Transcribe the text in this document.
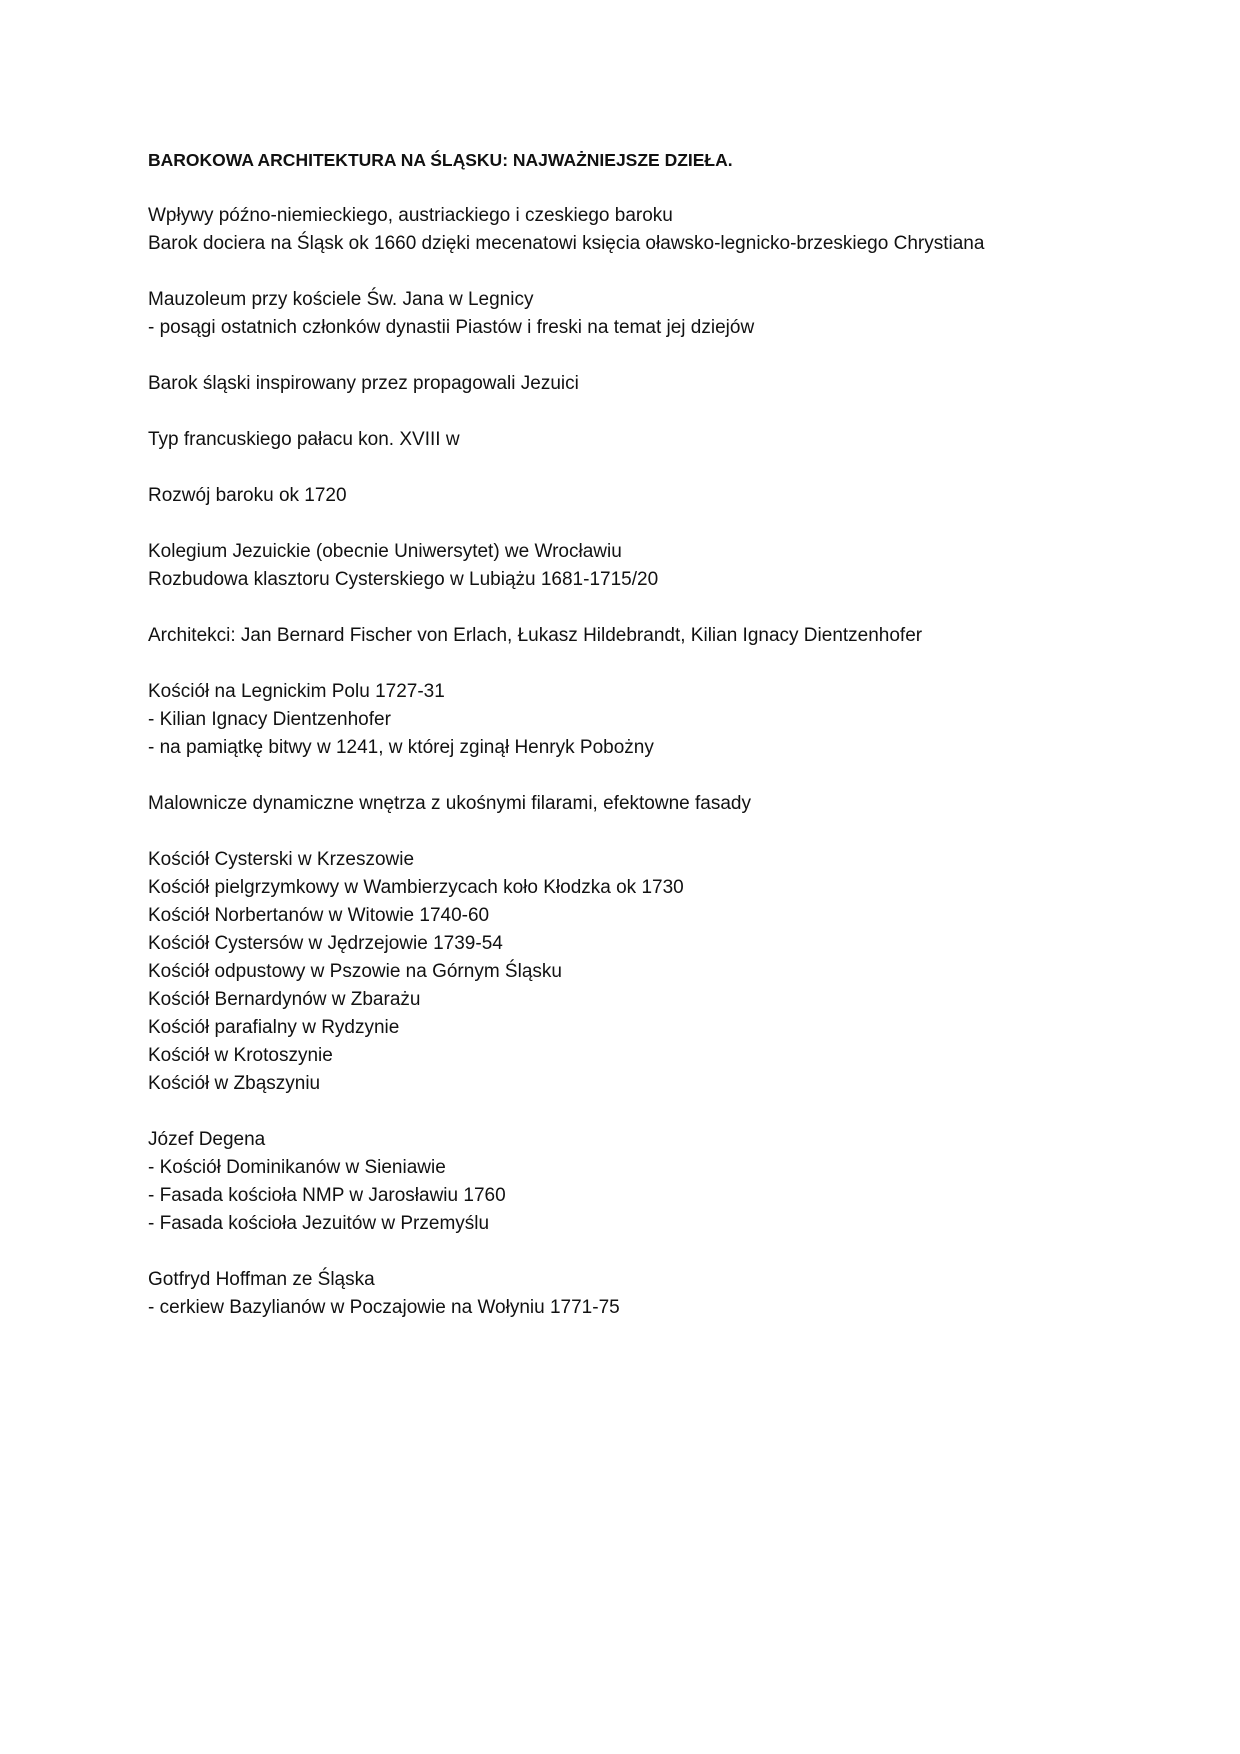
BAROKOWA ARCHITEKTURA NA ŚLĄSKU: NAJWAŻNIEJSZE DZIEŁA.
Wpływy późno-niemieckiego, austriackiego i czeskiego baroku
Barok dociera na Śląsk ok 1660 dzięki mecenatowi księcia oławsko-legnicko-brzeskiego Chrystiana
Mauzoleum przy kościele Św. Jana w Legnicy
- posągi ostatnich członków dynastii Piastów i freski na temat jej dziejów
Barok śląski inspirowany przez propagowali Jezuici
Typ francuskiego pałacu kon. XVIII w
Rozwój baroku ok 1720
Kolegium Jezuickie (obecnie Uniwersytet) we Wrocławiu
Rozbudowa klasztoru Cysterskiego w Lubiążu 1681-1715/20
Architekci: Jan Bernard Fischer von Erlach, Łukasz Hildebrandt, Kilian Ignacy Dientzenhofer
Kościół na Legnickim Polu 1727-31
- Kilian Ignacy Dientzenhofer
- na pamiątkę bitwy w 1241, w której zginął Henryk Pobożny
Malownicze dynamiczne wnętrza z ukośnymi filarami, efektowne fasady
Kościół Cysterski w Krzeszowie
Kościół pielgrzymkowy w Wambierzycach koło Kłodzka ok 1730
Kościół Norbertanów w Witowie 1740-60
Kościół Cystersów w Jędrzejowie 1739-54
Kościół odpustowy w Pszowie na Górnym Śląsku
Kościół Bernardynów w Zbarażu
Kościół parafialny w Rydzynie
Kościół w Krotoszynie
Kościół w Zbąszyniu
Józef Degena
- Kościół Dominikanów w Sieniawie
- Fasada kościoła NMP w Jarosławiu 1760
- Fasada kościoła Jezuitów w Przemyślu
Gotfryd Hoffman ze Śląska
- cerkiew Bazylianów w Poczajowie na Wołyniu 1771-75
